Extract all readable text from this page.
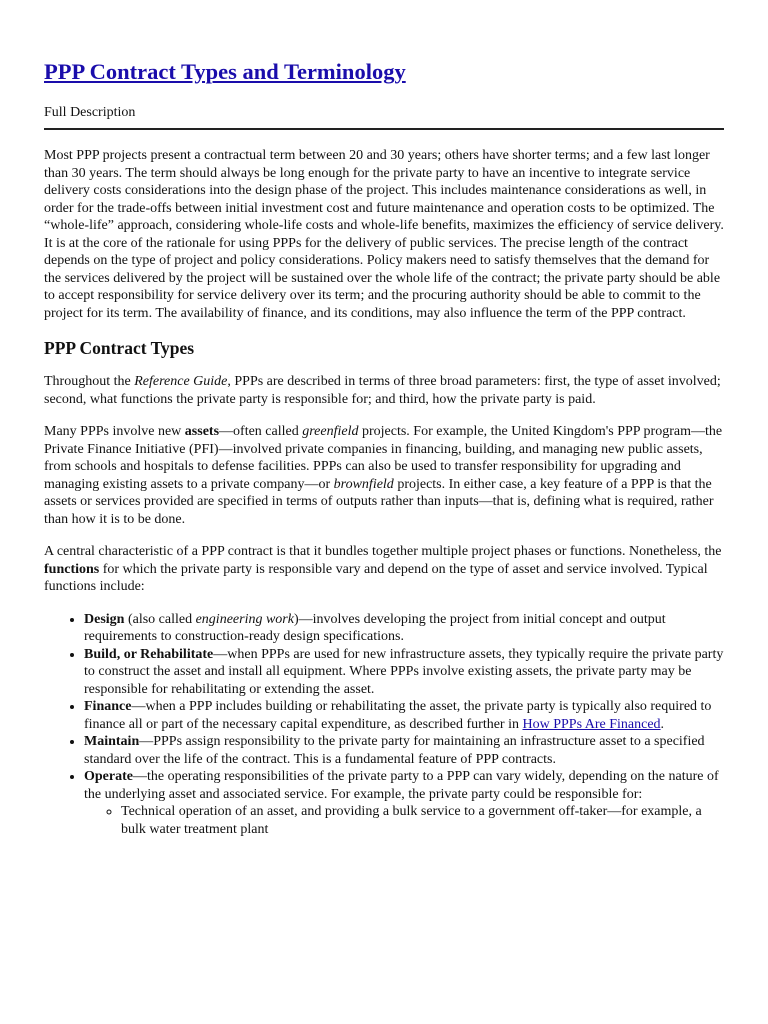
PPP Contract Types and Terminology
Full Description

Most PPP projects present a contractual term between 20 and 30 years; others have shorter terms; and a few last longer than 30 years. The term should always be long enough for the private party to have an incentive to integrate service delivery costs considerations into the design phase of the project. This includes maintenance considerations as well, in order for the trade-offs between initial investment cost and future maintenance and operation costs to be optimized. The “whole-life” approach, considering whole-life costs and whole-life benefits, maximizes the efficiency of service delivery. It is at the core of the rationale for using PPPs for the delivery of public services. The precise length of the contract depends on the type of project and policy considerations. Policy makers need to satisfy themselves that the demand for the services delivered by the project will be sustained over the whole life of the contract; the private party should be able to accept responsibility for service delivery over its term; and the procuring authority should be able to commit to the project for its term. The availability of finance, and its conditions, may also influence the term of the PPP contract.

PPP Contract Types

Throughout the Reference Guide, PPPs are described in terms of three broad parameters: first, the type of asset involved; second, what functions the private party is responsible for; and third, how the private party is paid.

Many PPPs involve new assets—often called greenfield projects. For example, the United Kingdom's PPP program—the Private Finance Initiative (PFI)—involved private companies in financing, building, and managing new public assets, from schools and hospitals to defense facilities. PPPs can also be used to transfer responsibility for upgrading and managing existing assets to a private company—or brownfield projects. In either case, a key feature of a PPP is that the assets or services provided are specified in terms of outputs rather than inputs—that is, defining what is required, rather than how it is to be done.

A central characteristic of a PPP contract is that it bundles together multiple project phases or functions. Nonetheless, the functions for which the private party is responsible vary and depend on the type of asset and service involved. Typical functions include:

• Design (also called engineering work)—involves developing the project from initial concept and output requirements to construction-ready design specifications.
• Build, or Rehabilitate—when PPPs are used for new infrastructure assets, they typically require the private party to construct the asset and install all equipment. Where PPPs involve existing assets, the private party may be responsible for rehabilitating or extending the asset.
• Finance—when a PPP includes building or rehabilitating the asset, the private party is typically also required to finance all or part of the necessary capital expenditure, as described further in How PPPs Are Financed.
• Maintain—PPPs assign responsibility to the private party for maintaining an infrastructure asset to a specified standard over the life of the contract. This is a fundamental feature of PPP contracts.
• Operate—the operating responsibilities of the private party to a PPP can vary widely, depending on the nature of the underlying asset and associated service. For example, the private party could be responsible for:
◦ Technical operation of an asset, and providing a bulk service to a government off-taker—for example, a bulk water treatment plant
